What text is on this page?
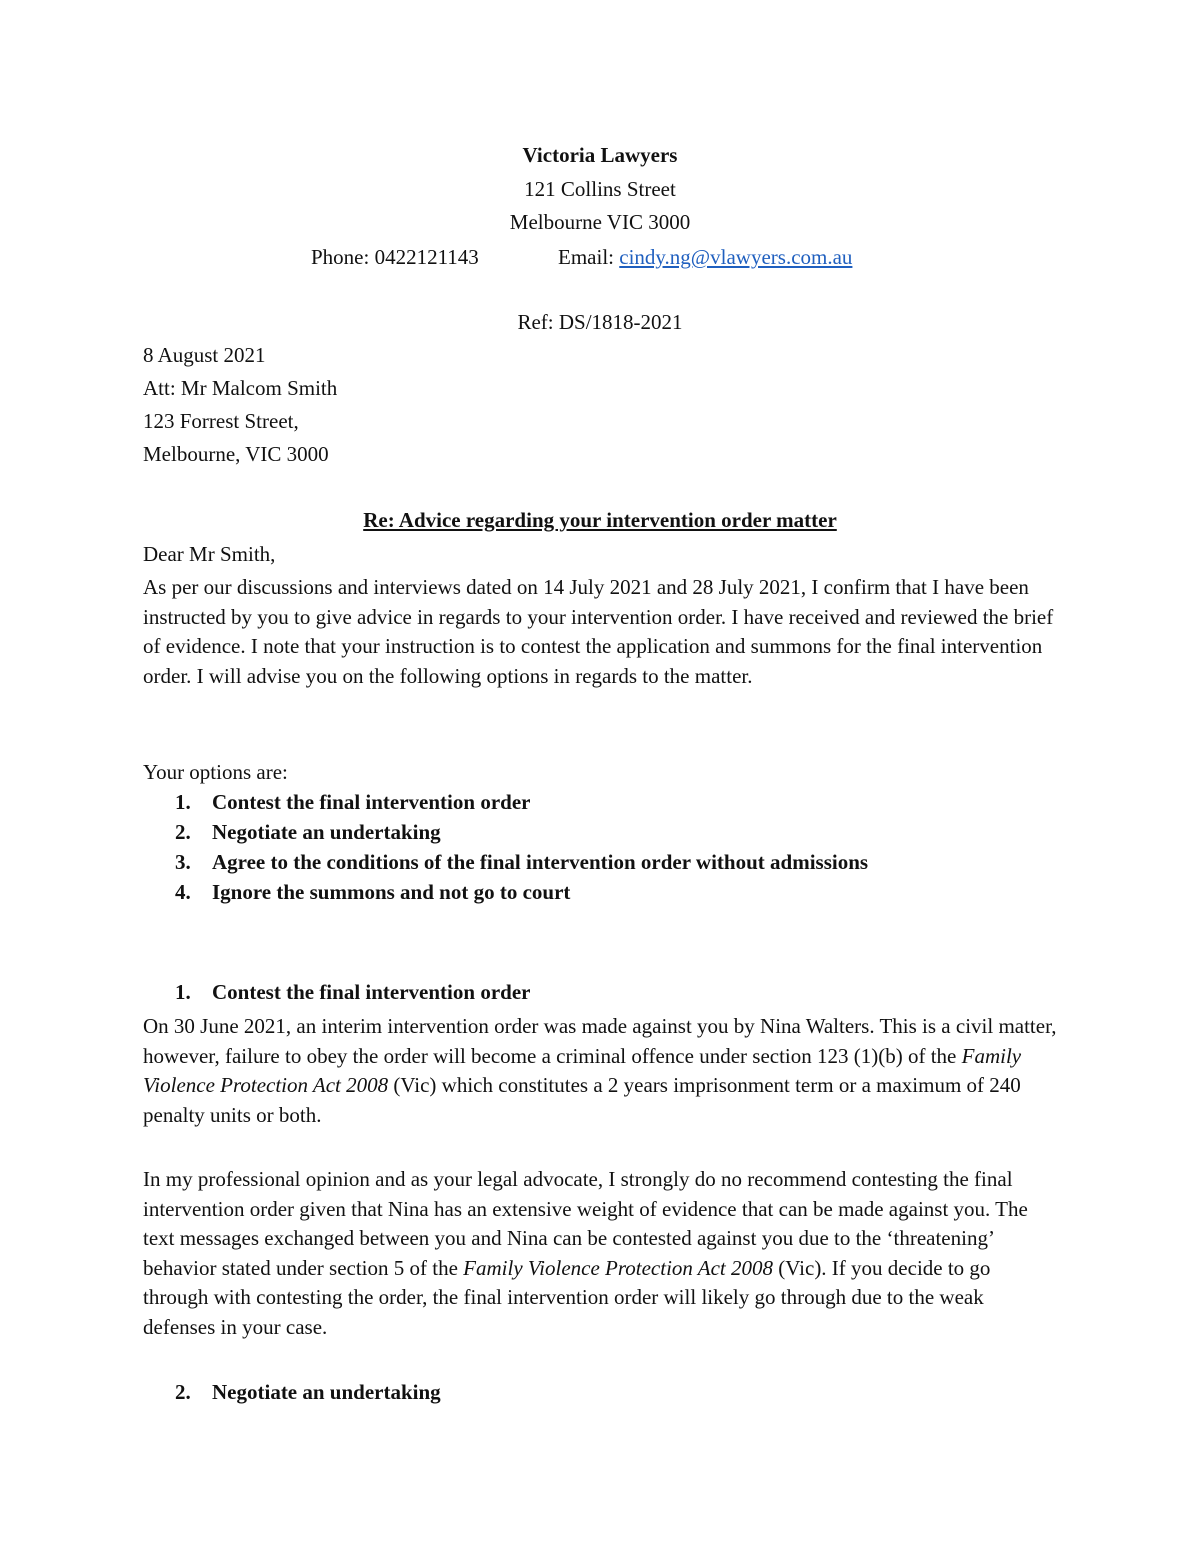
Victoria Lawyers
121 Collins Street
Melbourne VIC 3000
Phone: 0422121143	Email: cindy.ng@vlawyers.com.au
Ref: DS/1818-2021
8 August 2021
Att: Mr Malcom Smith
123 Forrest Street,
Melbourne, VIC 3000
Re: Advice regarding your intervention order matter
Dear Mr Smith,
As per our discussions and interviews dated on 14 July 2021 and 28 July 2021, I confirm that I have been instructed by you to give advice in regards to your intervention order. I have received and reviewed the brief of evidence. I note that your instruction is to contest the application and summons for the final intervention order. I will advise you on the following options in regards to the matter.
Your options are:
1. Contest the final intervention order
2. Negotiate an undertaking
3. Agree to the conditions of the final intervention order without admissions
4. Ignore the summons and not go to court
1. Contest the final intervention order
On 30 June 2021, an interim intervention order was made against you by Nina Walters. This is a civil matter, however, failure to obey the order will become a criminal offence under section 123 (1)(b) of the Family Violence Protection Act 2008 (Vic) which constitutes a 2 years imprisonment term or a maximum of 240 penalty units or both.
In my professional opinion and as your legal advocate, I strongly do no recommend contesting the final intervention order given that Nina has an extensive weight of evidence that can be made against you. The text messages exchanged between you and Nina can be contested against you due to the ‘threatening’ behavior stated under section 5 of the Family Violence Protection Act 2008 (Vic). If you decide to go through with contesting the order, the final intervention order will likely go through due to the weak defenses in your case.
2. Negotiate an undertaking
